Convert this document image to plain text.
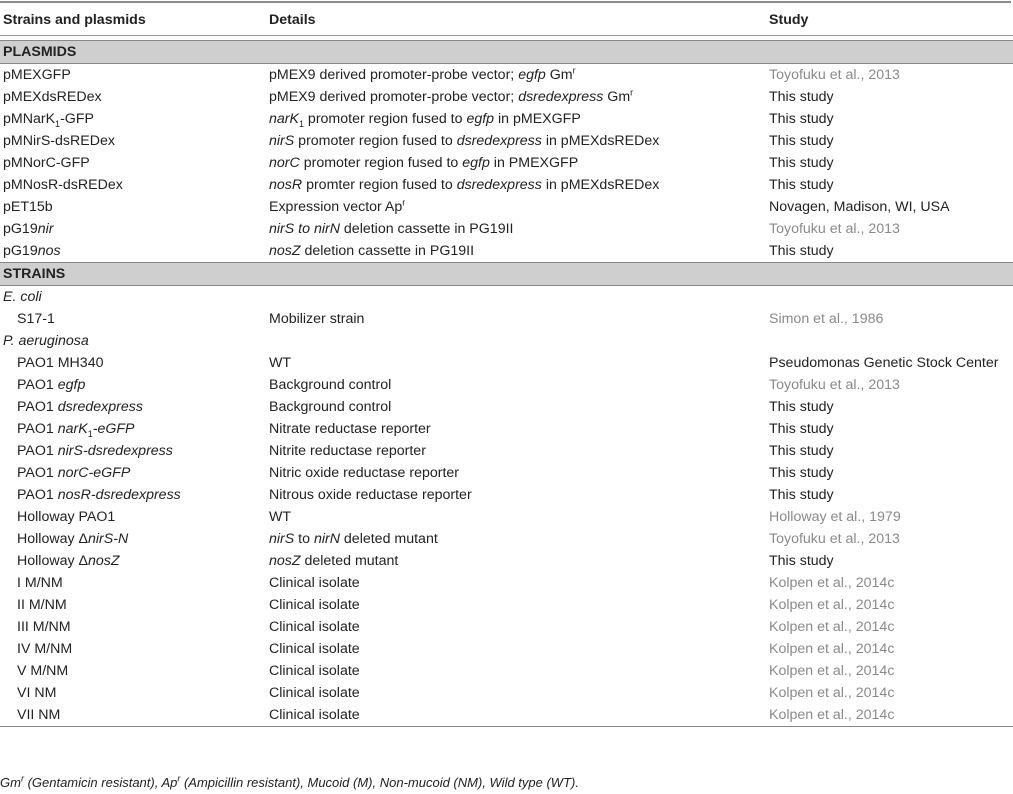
Strains and plasmids	Details	Study

PLASMIDS		
pMEXGFP	pMEX9 derived promoter-probe vector; egfp Gm$^r$	Toyofuku et al., 2013
pMEXdsREDex	pMEX9 derived promoter-probe vector; dsredexpress Gm$^r$	This study
pMNarK$_1$-GFP	narK$_1$ promoter region fused to egfp in pMEXGFP	This study
pMNirS-dsREDex	nirS promoter region fused to dsredexpress in pMEXdsREDex	This study
pMNorC-GFP	norC promoter region fused to egfp in PMEXGFP	This study
pMNosR-dsREDex	nosR promter region fused to dsredexpress in pMEXdsREDex	This study
pET15b	Expression vector Ap$^r$	Novagen, Madison, WI, USA
pG19nir	nirS to nirN deletion cassette in PG19II	Toyofuku et al., 2013
pG19nos	nosZ deletion cassette in PG19II	This study
STRAINS		
E. coli		
S17-1	Mobilizer strain	Simon et al., 1986
P. aeruginosa		
PAO1 MH340	WT	Pseudomonas Genetic Stock Center
PAO1 egfp	Background control	Toyofuku et al., 2013
PAO1 dsredexpress	Background control	This study
PAO1 narK$_1$-eGFP	Nitrate reductase reporter	This study
PAO1 nirS-dsredexpress	Nitrite reductase reporter	This study
PAO1 norC-eGFP	Nitric oxide reductase reporter	This study
PAO1 nosR-dsredexpress	Nitrous oxide reductase reporter	This study
Holloway PAO1	WT	Holloway et al., 1979
Holloway ΔnirS-N	nirS to nirN deleted mutant	Toyofuku et al., 2013
Holloway ΔnosZ	nosZ deleted mutant	This study
I M/NM	Clinical isolate	Kolpen et al., 2014c
II M/NM	Clinical isolate	Kolpen et al., 2014c
III M/NM	Clinical isolate	Kolpen et al., 2014c
IV M/NM	Clinical isolate	Kolpen et al., 2014c
V M/NM	Clinical isolate	Kolpen et al., 2014c
VI NM	Clinical isolate	Kolpen et al., 2014c
VII NM	Clinical isolate	Kolpen et al., 2014c
Gm$^r$ (Gentamicin resistant), Ap$^r$ (Ampicillin resistant), Mucoid (M), Non-mucoid (NM), Wild type (WT).
